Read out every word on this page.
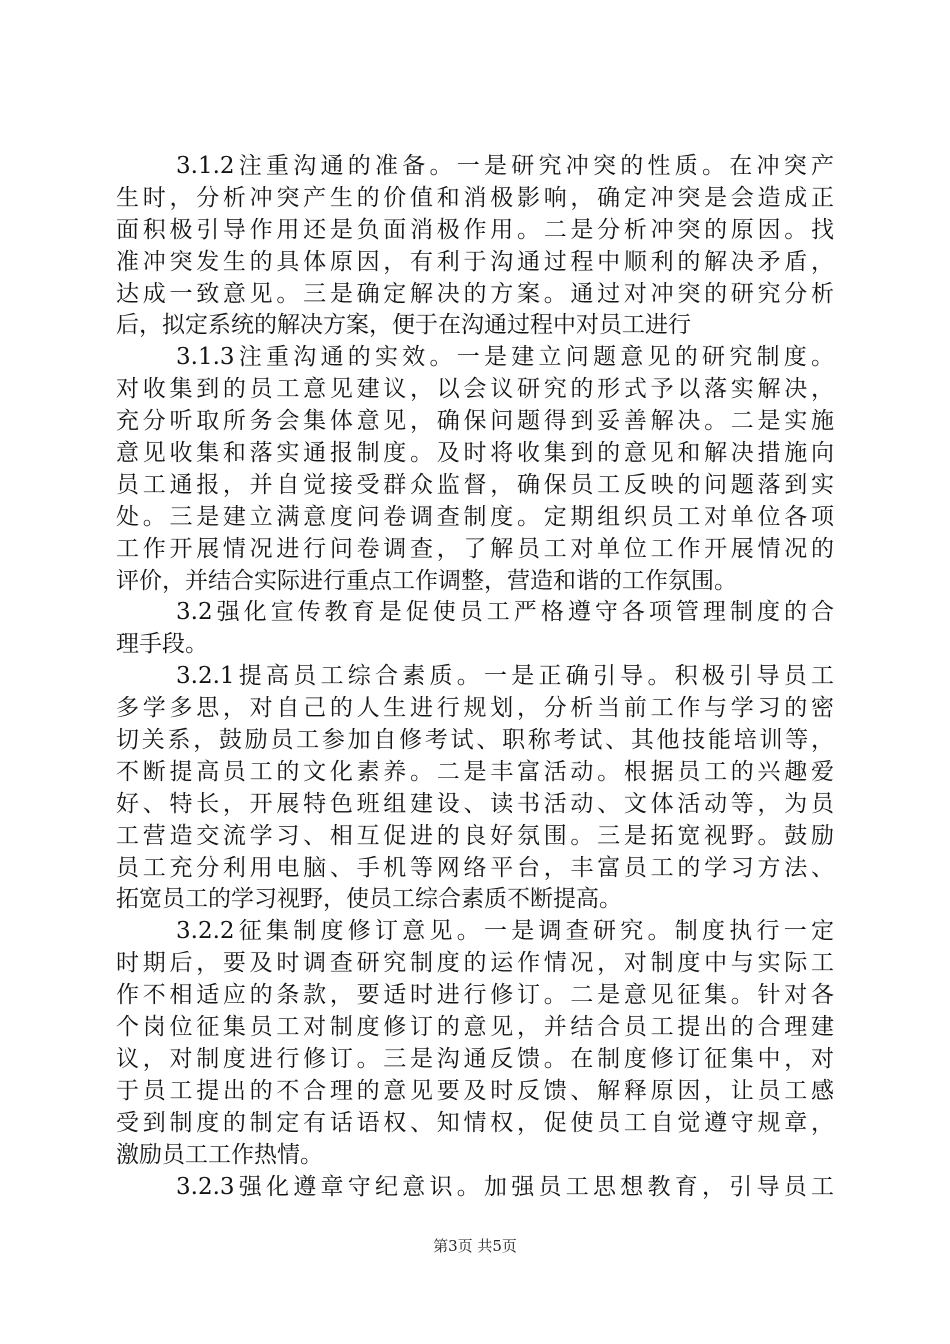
3.1.2注重沟通的准备。一是研究冲突的性质。在冲突产
生时，分析冲突产生的价值和消极影响，确定冲突是会造成正
面积极引导作用还是负面消极作用。二是分析冲突的原因。找
准冲突发生的具体原因，有利于沟通过程中顺利的解决矛盾，
达成一致意见。三是确定解决的方案。通过对冲突的研究分析
后，拟定系统的解决方案，便于在沟通过程中对员工进行
3.1.3注重沟通的实效。一是建立问题意见的研究制度。
对收集到的员工意见建议，以会议研究的形式予以落实解决，
充分听取所务会集体意见，确保问题得到妥善解决。二是实施
意见收集和落实通报制度。及时将收集到的意见和解决措施向
员工通报，并自觉接受群众监督，确保员工反映的问题落到实
处。三是建立满意度问卷调查制度。定期组织员工对单位各项
工作开展情况进行问卷调查，了解员工对单位工作开展情况的
评价，并结合实际进行重点工作调整，营造和谐的工作氛围。
3.2强化宣传教育是促使员工严格遵守各项管理制度的合
理手段。
3.2.1提高员工综合素质。一是正确引导。积极引导员工
多学多思，对自己的人生进行规划，分析当前工作与学习的密
切关系，鼓励员工参加自修考试、职称考试、其他技能培训等，
不断提高员工的文化素养。二是丰富活动。根据员工的兴趣爱
好、特长，开展特色班组建设、读书活动、文体活动等，为员
工营造交流学习、相互促进的良好氛围。三是拓宽视野。鼓励
员工充分利用电脑、手机等网络平台，丰富员工的学习方法、
拓宽员工的学习视野，使员工综合素质不断提高。
3.2.2征集制度修订意见。一是调查研究。制度执行一定
时期后，要及时调查研究制度的运作情况，对制度中与实际工
作不相适应的条款，要适时进行修订。二是意见征集。针对各
个岗位征集员工对制度修订的意见，并结合员工提出的合理建
议，对制度进行修订。三是沟通反馈。在制度修订征集中，对
于员工提出的不合理的意见要及时反馈、解释原因，让员工感
受到制度的制定有话语权、知情权，促使员工自觉遵守规章，
激励员工工作热情。
3.2.3强化遵章守纪意识。加强员工思想教育，引导员工
第3页 共5页
